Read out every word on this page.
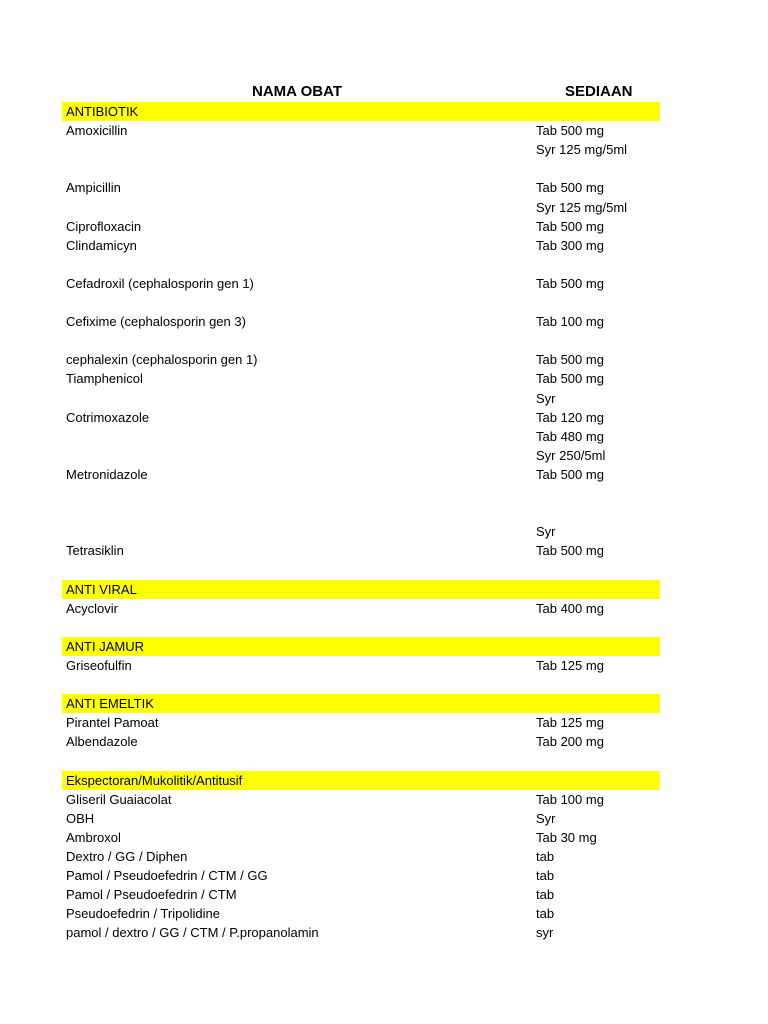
NAMA OBAT	SEDIAAN
ANTIBIOTIK
Amoxicillin	Tab 500 mg
Syr 125 mg/5ml
Ampicillin	Tab 500 mg
Syr 125 mg/5ml
Ciprofloxacin	Tab 500 mg
Clindamicyn	Tab 300 mg
Cefadroxil (cephalosporin gen 1)	Tab 500 mg
Cefixime (cephalosporin gen 3)	Tab 100 mg
cephalexin (cephalosporin gen 1)	Tab 500 mg
Tiamphenicol	Tab 500 mg
Syr
Cotrimoxazole	Tab 120 mg
Tab 480 mg
Syr 250/5ml
Metronidazole	Tab 500 mg
Syr
Tetrasiklin	Tab 500 mg
ANTI VIRAL
Acyclovir	Tab 400 mg
ANTI JAMUR
Griseofulfin	Tab 125 mg
ANTI EMELTIK
Pirantel Pamoat	Tab 125 mg
Albendazole	Tab 200 mg
Ekspectoran/Mukolitik/Antitusif
Gliseril Guaiacolat	Tab 100 mg
OBH	Syr
Ambroxol	Tab 30 mg
Dextro / GG / Diphen	tab
Pamol / Pseudoefedrin / CTM / GG	tab
Pamol / Pseudoefedrin / CTM	tab
Pseudoefedrin / Tripolidine	tab
pamol / dextro / GG / CTM / P.propanolamin	syr
